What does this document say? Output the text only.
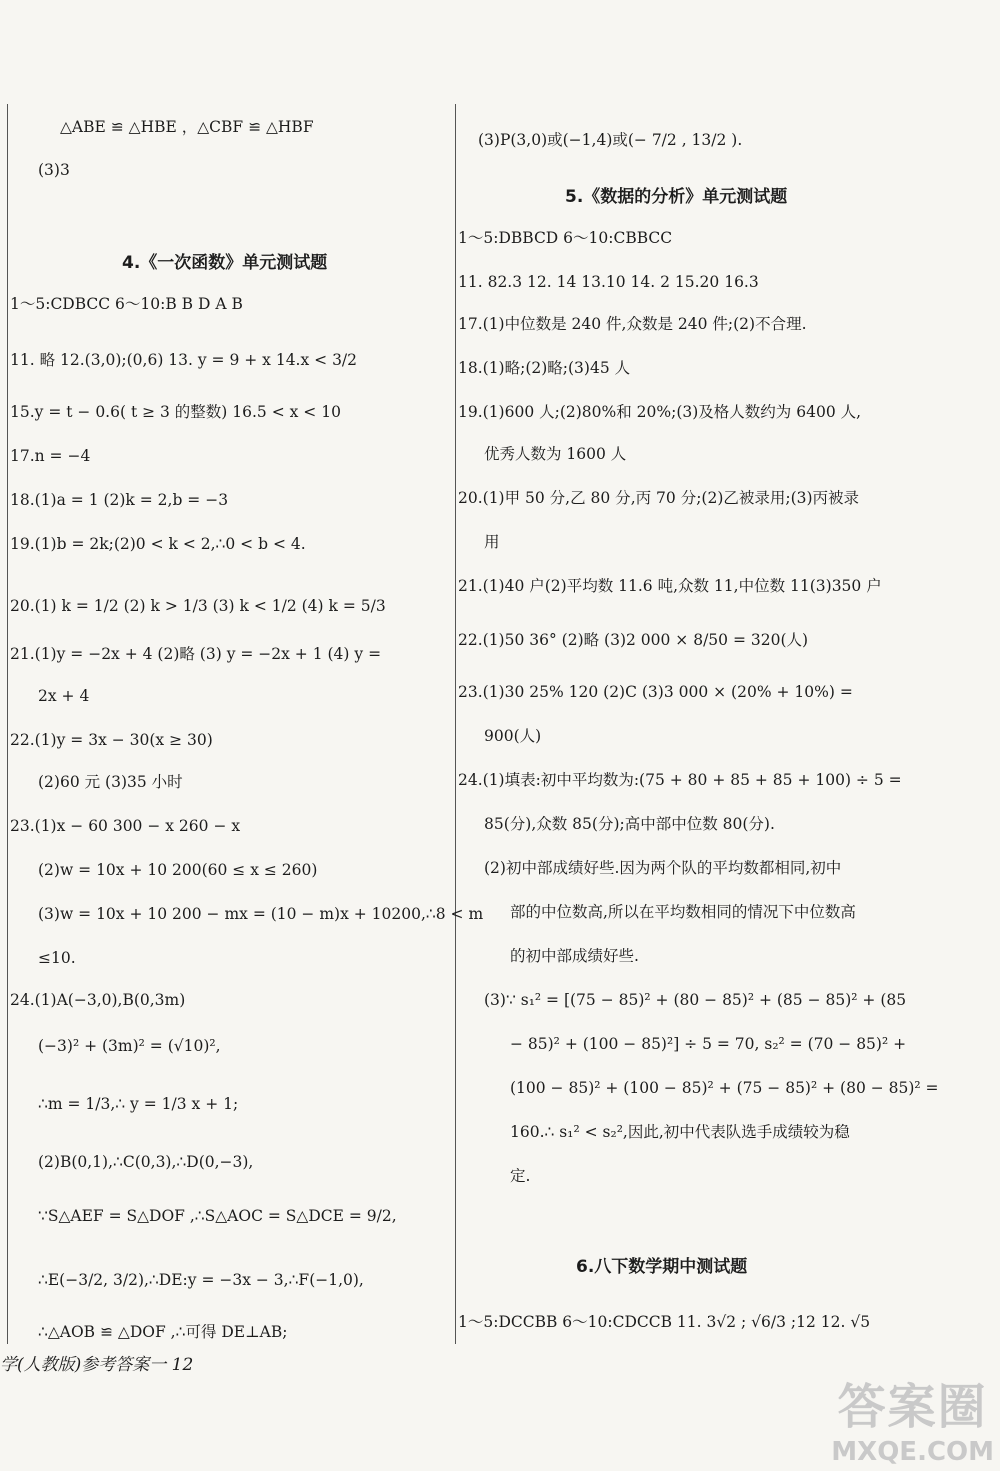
△ABE ≌ △HBE ，△CBF ≌ △HBF
(3)3
4.《一次函数》单元测试题
1～5:CDBCC 6～10:B B D A B
11. 略 12.(3,0);(0,6) 13. y = 9 + x 14.x < 3/2
15.y = t − 0.6( t ≥ 3 的整数) 16.5 < x < 10
17.n = −4
18.(1)a = 1 (2)k = 2,b = −3
19.(1)b = 2k;(2)0 < k < 2,∴0 < b < 4.
20.(1) k = 1/2 (2) k > 1/3 (3) k < 1/2 (4) k = 5/3
21.(1)y = −2x + 4 (2)略 (3) y = −2x + 1 (4) y =
2x + 4
22.(1)y = 3x − 30(x ≥ 30)
(2)60 元 (3)35 小时
23.(1)x − 60 300 − x 260 − x
(2)w = 10x + 10 200(60 ≤ x ≤ 260)
(3)w = 10x + 10 200 − mx = (10 − m)x + 10200,∴8 < m
≤10.
24.(1)A(−3,0),B(0,3m)
(−3)² + (3m)² = (√10)²,
∴m = 1/3,∴ y = 1/3 x + 1;
(2)B(0,1),∴C(0,3),∴D(0,−3),
∵S△AEF = S△DOF ,∴S△AOC = S△DCE = 9/2,
∴E(−3/2, 3/2),∴DE:y = −3x − 3,∴F(−1,0),
∴△AOB ≌ △DOF ,∴可得 DE⊥AB;
学(人教版)参考答案一 12
(3)P(3,0)或(−1,4)或(− 7/2 , 13/2 ).
5.《数据的分析》单元测试题
1～5:DBBCD 6～10:CBBCC
11. 82.3 12. 14 13.10 14. 2 15.20 16.3
17.(1)中位数是 240 件,众数是 240 件;(2)不合理.
18.(1)略;(2)略;(3)45 人
19.(1)600 人;(2)80%和 20%;(3)及格人数约为 6400 人,
优秀人数为 1600 人
20.(1)甲 50 分,乙 80 分,丙 70 分;(2)乙被录用;(3)丙被录
用
21.(1)40 户(2)平均数 11.6 吨,众数 11,中位数 11(3)350 户
22.(1)50 36° (2)略 (3)2 000 × 8/50 = 320(人)
23.(1)30 25% 120 (2)C (3)3 000 × (20% + 10%) =
900(人)
24.(1)填表:初中平均数为:(75 + 80 + 85 + 85 + 100) ÷ 5 =
85(分),众数 85(分);高中部中位数 80(分).
(2)初中部成绩好些.因为两个队的平均数都相同,初中
部的中位数高,所以在平均数相同的情况下中位数高
的初中部成绩好些.
(3)∵ s₁² = [(75 − 85)² + (80 − 85)² + (85 − 85)² + (85
− 85)² + (100 − 85)²] ÷ 5 = 70, s₂² = (70 − 85)² +
(100 − 85)² + (100 − 85)² + (75 − 85)² + (80 − 85)² =
160.∴ s₁² < s₂²,因此,初中代表队选手成绩较为稳
定.
6.八下数学期中测试题
1～5:DCCBB 6～10:CDCCB 11. 3√2 ; √6/3 ;12 12. √5
答案圈
MXQE.COM
